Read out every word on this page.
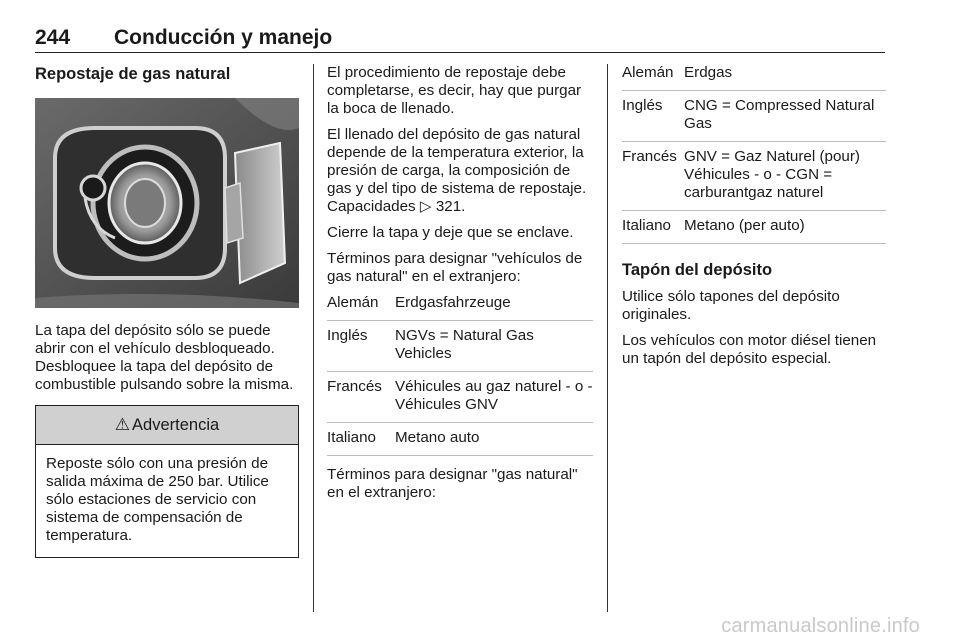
244 Conducción y manejo
Repostaje de gas natural

La tapa del depósito sólo se puede abrir con el vehículo desbloqueado. Desbloquee la tapa del depósito de combustible pulsando sobre la misma.

⚠ Advertencia
Reposte sólo con una presión de salida máxima de 250 bar. Utilice sólo estaciones de servicio con sistema de compensación de temperatura.

El procedimiento de repostaje debe completarse, es decir, hay que purgar la boca de llenado.

El llenado del depósito de gas natural depende de la temperatura exterior, la presión de carga, la composición de gas y del tipo de sistema de repostaje. Capacidades ▷ 321.

Cierre la tapa y deje que se enclave.

Términos para designar "vehículos de gas natural" en el extranjero:

Alemán	Erdgasfahrzeuge
Inglés	NGVs = Natural Gas Vehicles
Francés Véhicules au gaz naturel - o - Véhicules GNV
Italiano	Metano auto

Términos para designar "gas natural" en el extranjero:

Alemán Erdgas
Inglés	CNG = Compressed Natural Gas
Francés GNV = Gaz Naturel (pour) Véhicules - o - CGN = carburantgaz naturel
Italiano Metano (per auto)
Tapón del depósito

Utilice sólo tapones del depósito originales.

Los vehículos con motor diésel tienen un tapón del depósito especial.

carmanualsonline.info
